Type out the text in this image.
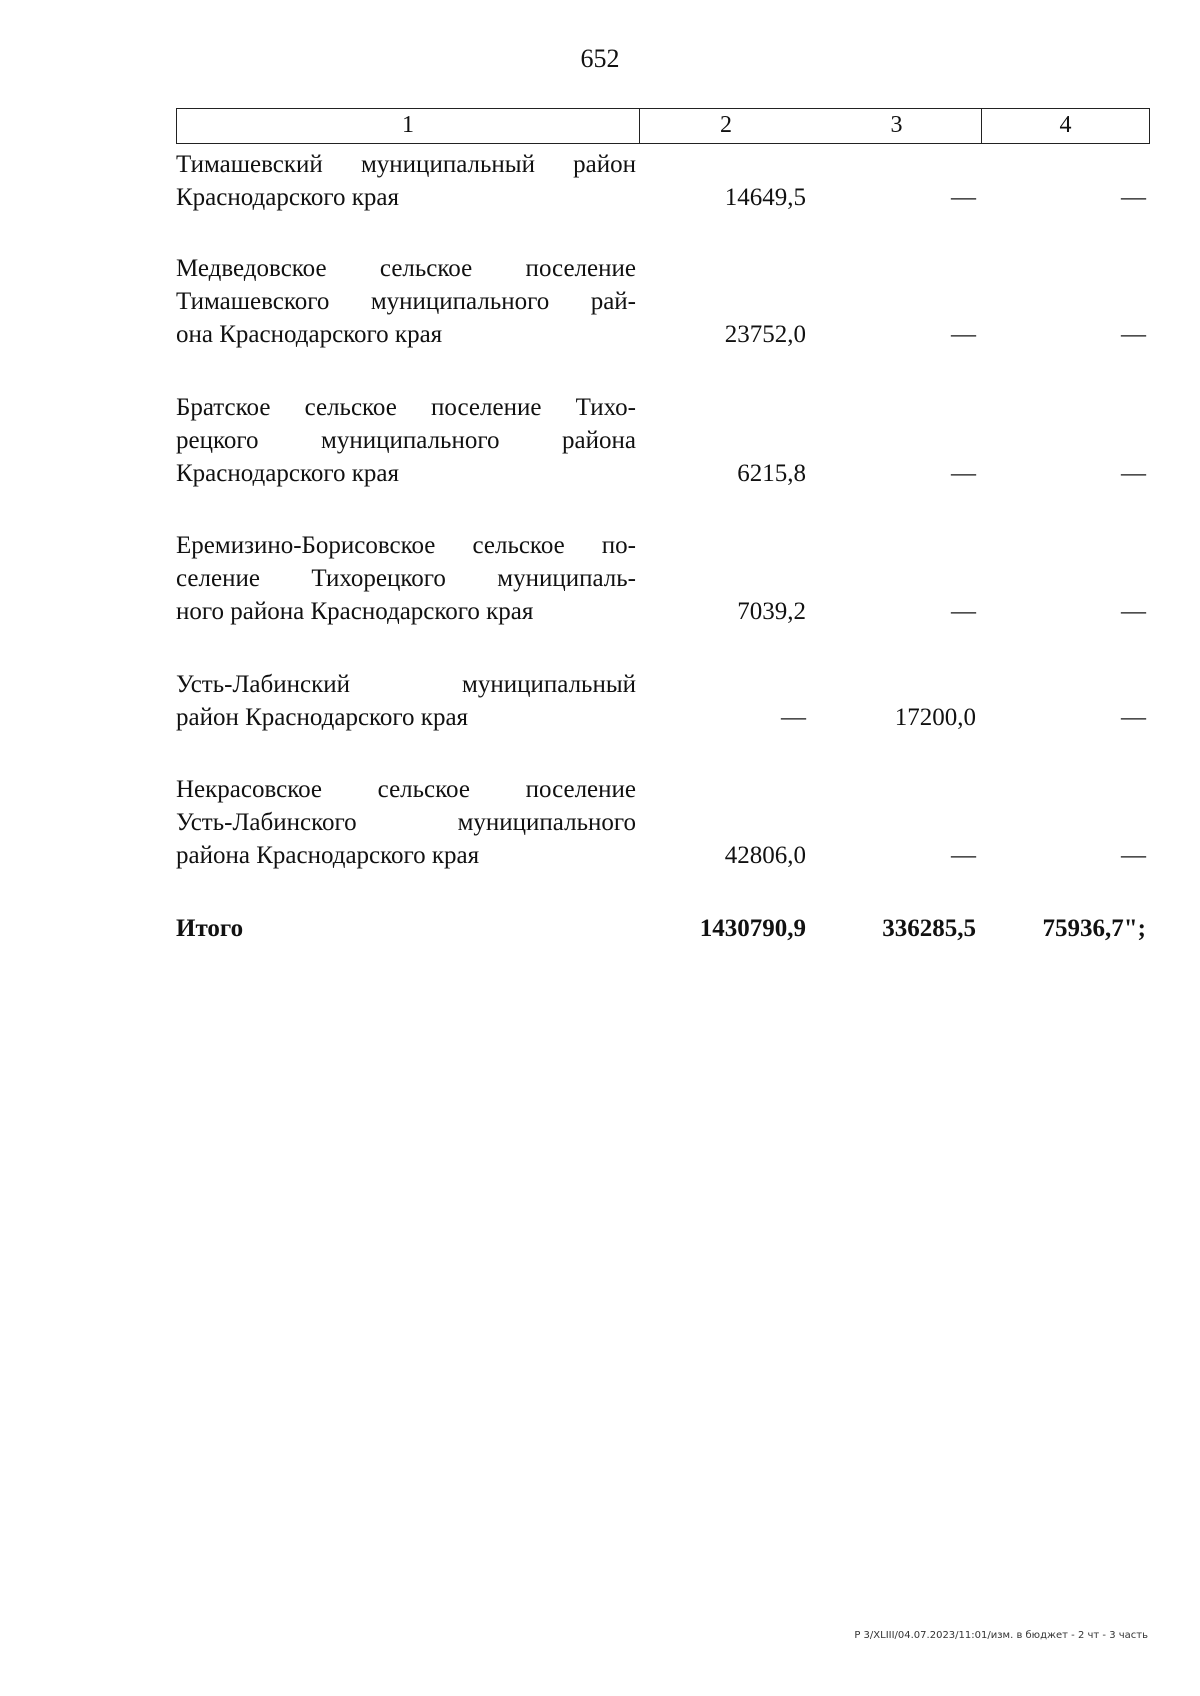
652
1	2	3	4
Тимашевский муниципальный район
Краснодарского края	14649,5	—	—
Медведовское сельское поселение
Тимашевского муниципального рай-
она Краснодарского края	23752,0	—	—
Братское сельское поселение Тихо-
рецкого муниципального района
Краснодарского края	6215,8	—	—
Еремизино-Борисовское сельское по-
селение Тихорецкого муниципаль-
ного района Краснодарского края	7039,2	—	—
Усть-Лабинский муниципальный
район Краснодарского края	—	17200,0	—
Некрасовское сельское поселение
Усть-Лабинского муниципального
района Краснодарского края	42806,0	—	—
Итого	1430790,9	336285,5	75936,7";
Р 3/XLIII/04.07.2023/11:01/изм. в бюджет - 2 чт - 3 часть
